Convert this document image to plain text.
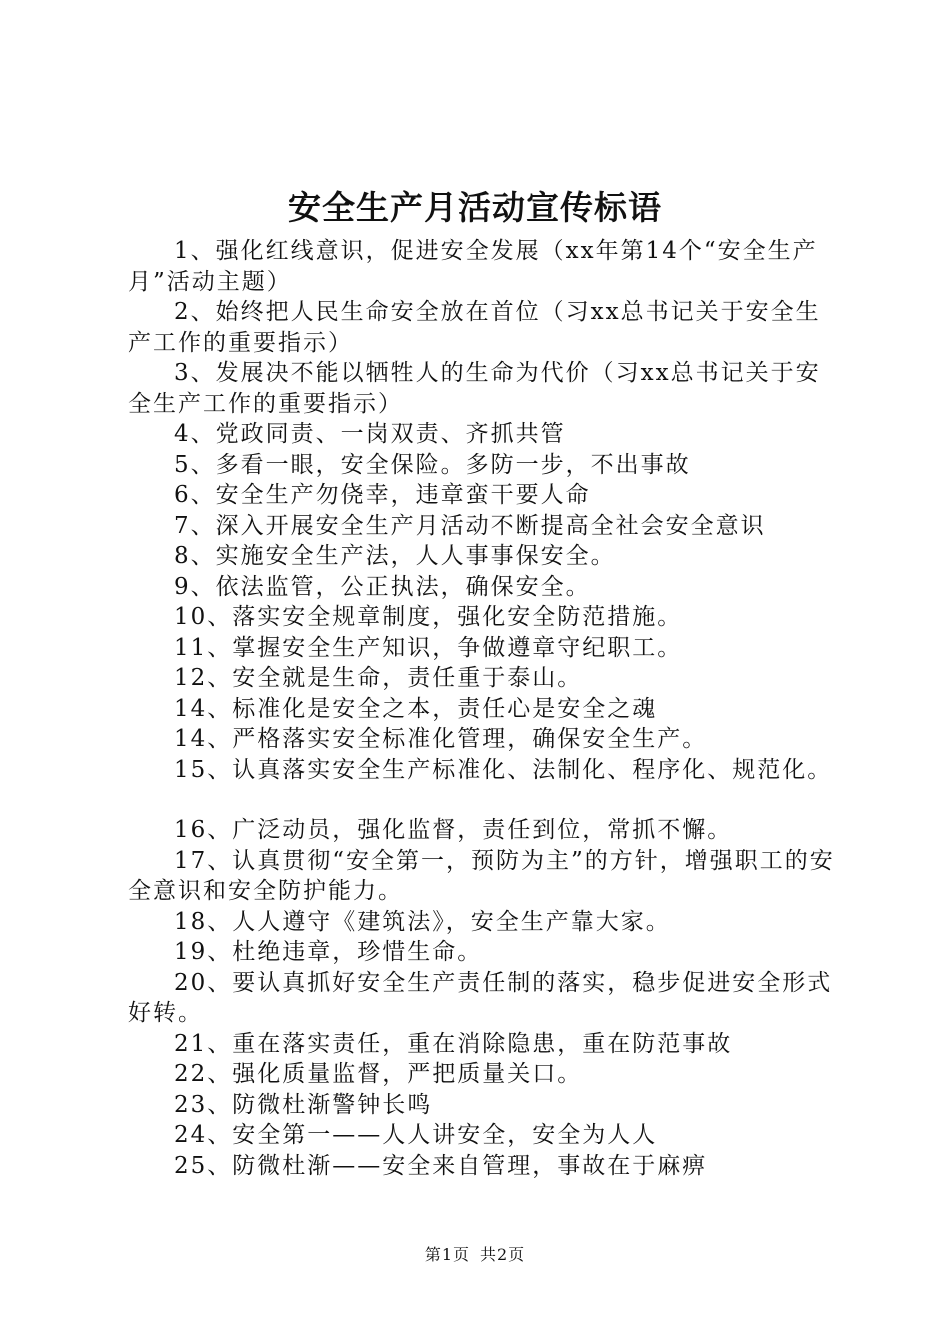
安全生产月活动宣传标语

1、强化红线意识，促进安全发展（xx年第14个“安全生产月”活动主题）

2、始终把人民生命安全放在首位（习xx总书记关于安全生产工作的重要指示）

3、发展决不能以牺牲人的生命为代价（习xx总书记关于安全生产工作的重要指示）

4、党政同责、一岗双责、齐抓共管

5、多看一眼，安全保险。多防一步，不出事故

6、安全生产勿侥幸，违章蛮干要人命

7、深入开展安全生产月活动不断提高全社会安全意识

8、实施安全生产法，人人事事保安全。

9、依法监管，公正执法，确保安全。

10、落实安全规章制度，强化安全防范措施。

11、掌握安全生产知识，争做遵章守纪职工。

12、安全就是生命，责任重于泰山。

14、标准化是安全之本，责任心是安全之魂

14、严格落实安全标准化管理，确保安全生产。

15、认真落实安全生产标准化、法制化、程序化、规范化。

16、广泛动员，强化监督，责任到位，常抓不懈。

17、认真贯彻“安全第一，预防为主”的方针，增强职工的安全意识和安全防护能力。

18、人人遵守《建筑法》，安全生产靠大家。

19、杜绝违章，珍惜生命。

20、要认真抓好安全生产责任制的落实，稳步促进安全形式好转。

21、重在落实责任，重在消除隐患，重在防范事故

22、强化质量监督，严把质量关口。

23、防微杜渐警钟长鸣

24、安全第一——人人讲安全，安全为人人

25、防微杜渐——安全来自管理，事故在于麻痹

第1页 共2页
